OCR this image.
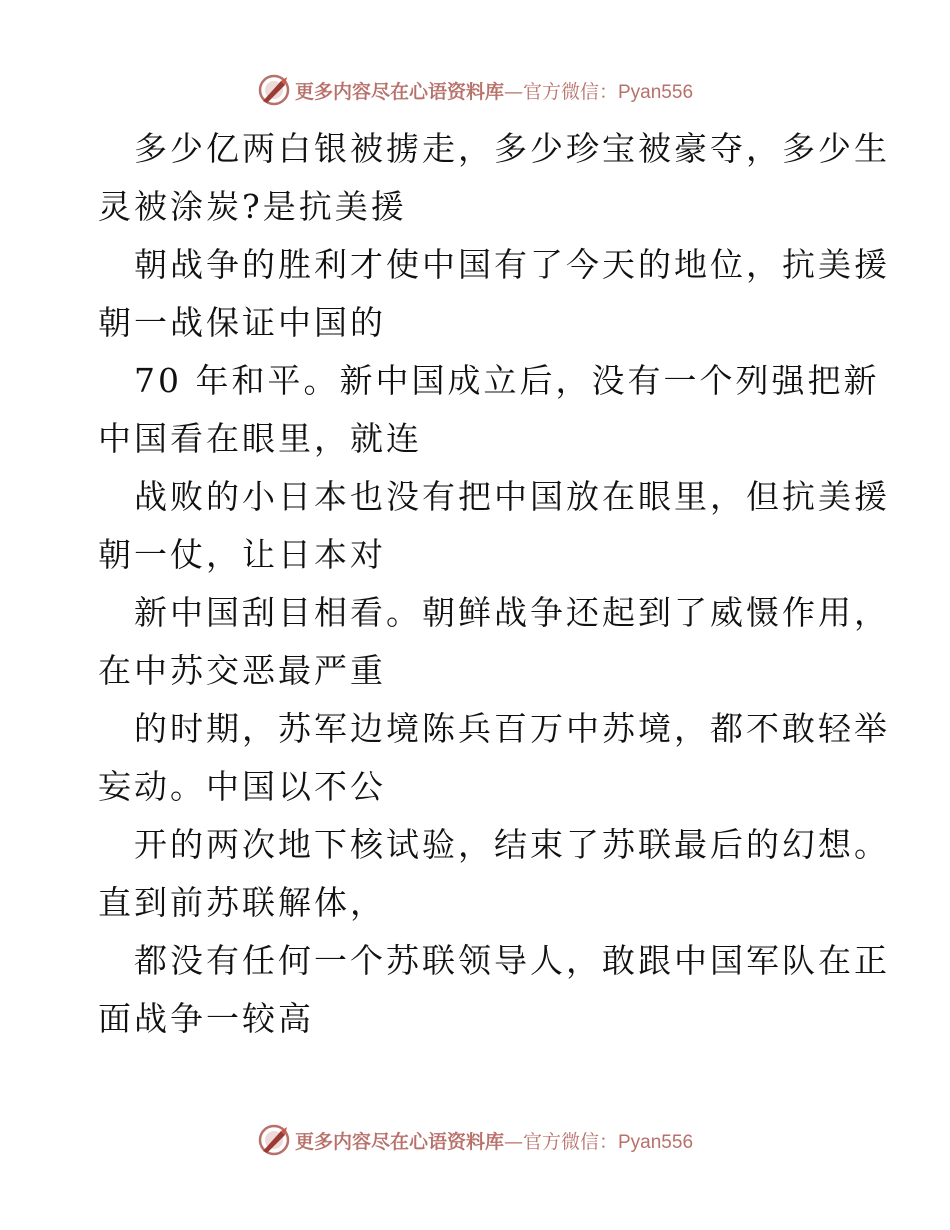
更多内容尽在心语资料库—官方微信：Pyan556
多少亿两白银被掳走，多少珍宝被豪夺，多少生
灵被涂炭?是抗美援
朝战争的胜利才使中国有了今天的地位，抗美援
朝一战保证中国的
70 年和平。新中国成立后，没有一个列强把新
中国看在眼里，就连
战败的小日本也没有把中国放在眼里，但抗美援
朝一仗，让日本对
新中国刮目相看。朝鲜战争还起到了威慑作用，
在中苏交恶最严重
的时期，苏军边境陈兵百万中苏境，都不敢轻举
妄动。中国以不公
开的两次地下核试验，结束了苏联最后的幻想。
直到前苏联解体，
都没有任何一个苏联领导人，敢跟中国军队在正
面战争一较高
更多内容尽在心语资料库—官方微信：Pyan556
